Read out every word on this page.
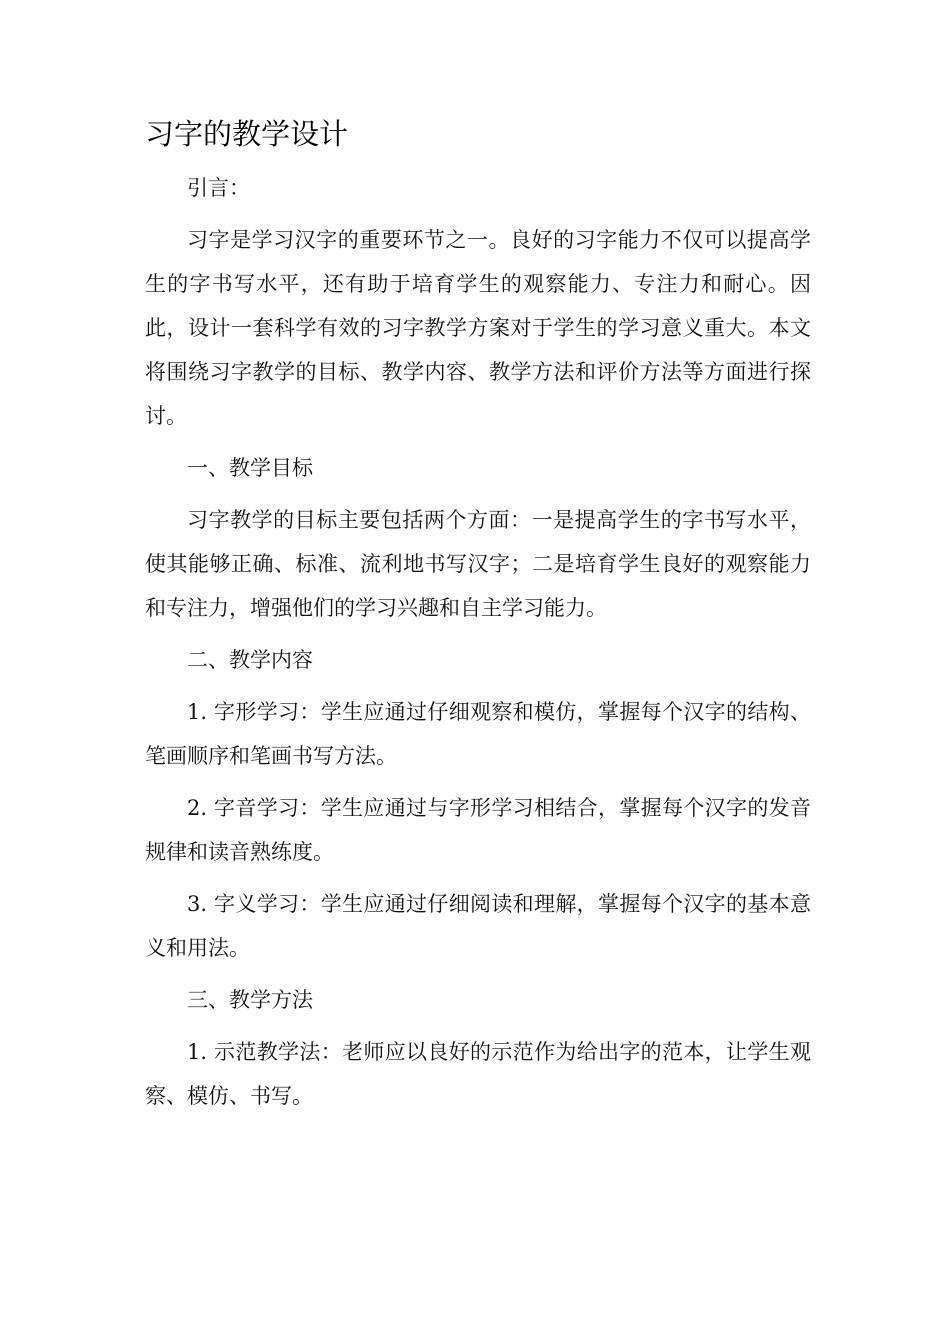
习字的教学设计

引言：

习字是学习汉字的重要环节之一。良好的习字能力不仅可以提高学生的字书写水平，还有助于培育学生的观察能力、专注力和耐心。因此，设计一套科学有效的习字教学方案对于学生的学习意义重大。本文将围绕习字教学的目标、教学内容、教学方法和评价方法等方面进行探讨。

一、教学目标

习字教学的目标主要包括两个方面：一是提高学生的字书写水平，使其能够正确、标准、流利地书写汉字；二是培育学生良好的观察能力和专注力，增强他们的学习兴趣和自主学习能力。

二、教学内容

1. 字形学习：学生应通过仔细观察和模仿，掌握每个汉字的结构、笔画顺序和笔画书写方法。

2. 字音学习：学生应通过与字形学习相结合，掌握每个汉字的发音规律和读音熟练度。

3. 字义学习：学生应通过仔细阅读和理解，掌握每个汉字的基本意义和用法。

三、教学方法

1. 示范教学法：老师应以良好的示范作为给出字的范本，让学生观察、模仿、书写。
